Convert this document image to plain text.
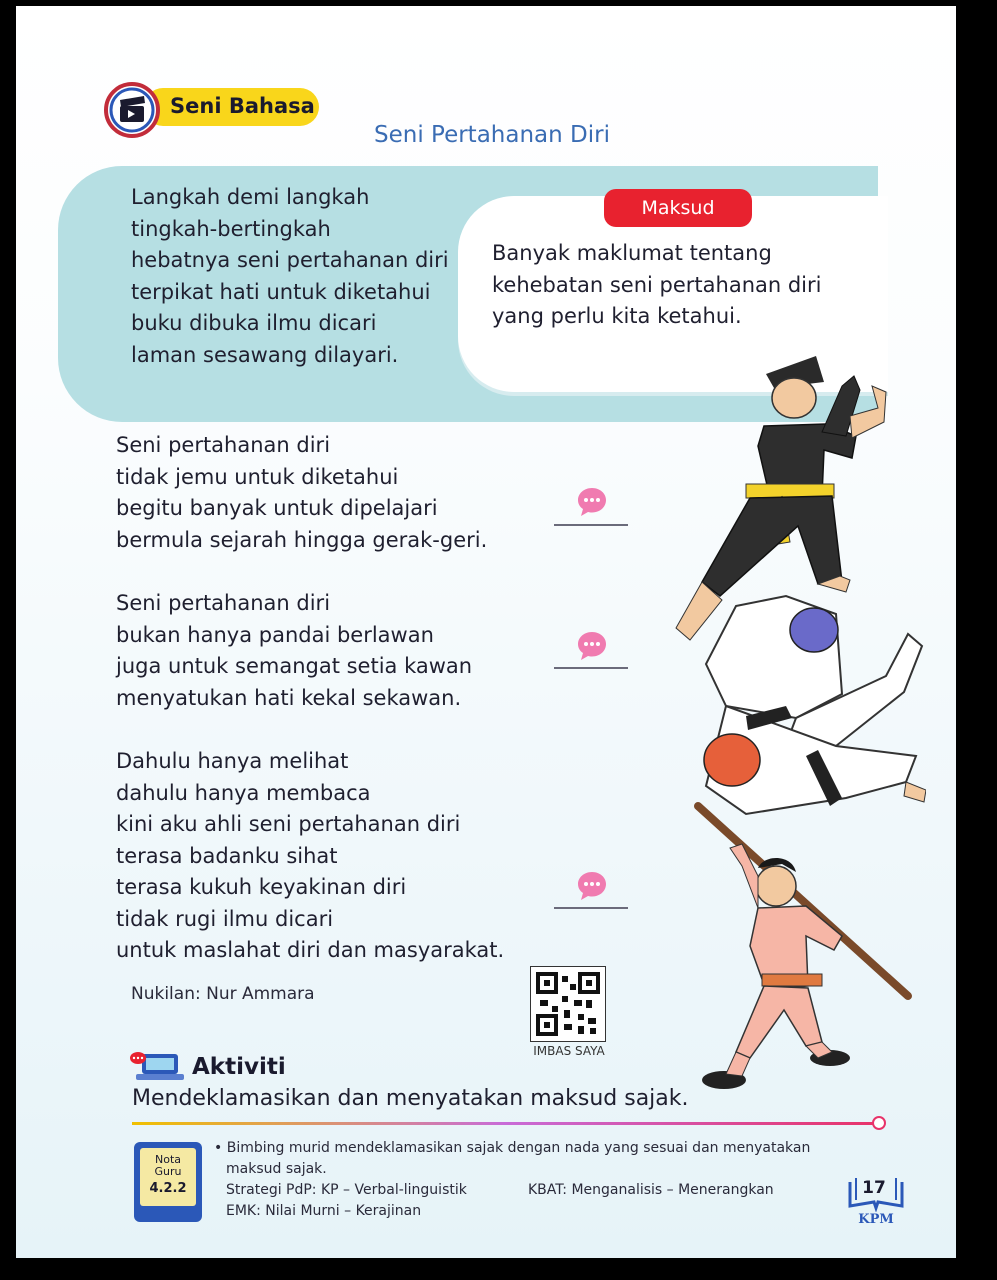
Seni Bahasa
Seni Pertahanan Diri
Langkah demi langkah
tingkah-bertingkah
hebatnya seni pertahanan diri
terpikat hati untuk diketahui
buku dibuka ilmu dicari
laman sesawang dilayari.
Maksud
Banyak maklumat tentang
kehebatan seni pertahanan diri
yang perlu kita ketahui.
Seni pertahanan diri
tidak jemu untuk diketahui
begitu banyak untuk dipelajari
bermula sejarah hingga gerak-geri.
Seni pertahanan diri
bukan hanya pandai berlawan
juga untuk semangat setia kawan
menyatukan hati kekal sekawan.
Dahulu hanya melihat
dahulu hanya membaca
kini aku ahli seni pertahanan diri
terasa badanku sihat
terasa kukuh keyakinan diri
tidak rugi ilmu dicari
untuk maslahat diri dan masyarakat.
Nukilan: Nur Ammara
IMBAS SAYA
Aktiviti
Mendeklamasikan dan menyatakan maksud sajak.
Nota
Guru
4.2.2
• Bimbing murid mendeklamasikan sajak dengan nada yang sesuai dan menyatakan
maksud sajak.
Strategi PdP: KP – Verbal-linguistik	KBAT: Menganalisis – Menerangkan
EMK: Nilai Murni – Kerajinan
17
KPM
